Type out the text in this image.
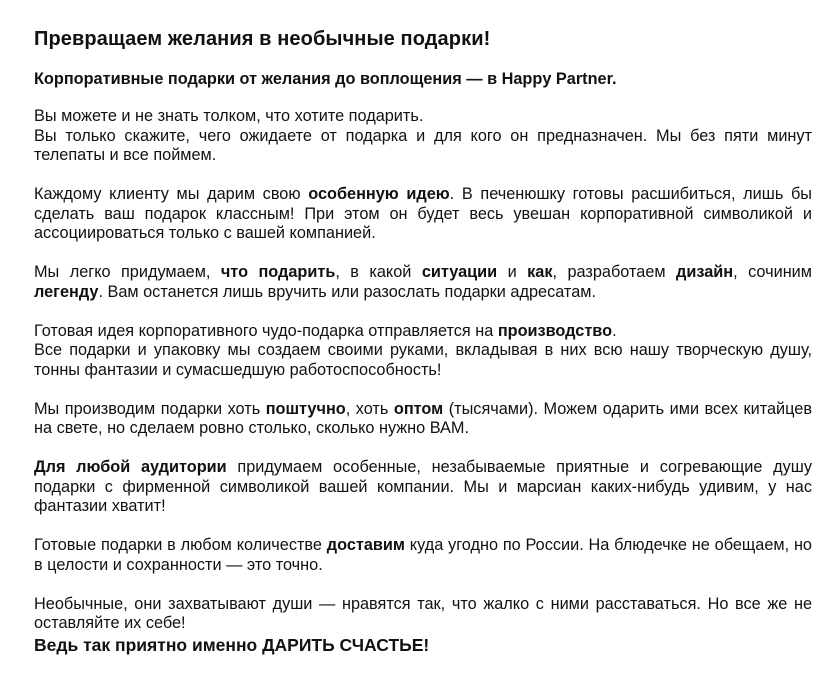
Превращаем желания в необычные подарки!
Корпоративные подарки от желания до воплощения — в Happy Partner.
Вы можете и не знать толком, что хотите подарить.
Вы только скажите, чего ожидаете от подарка и для кого он предназначен. Мы без пяти минут телепаты и все поймем.
Каждому клиенту мы дарим свою особенную идею. В печенюшку готовы расшибиться, лишь бы сделать ваш подарок классным! При этом он будет весь увешан корпоративной символикой и ассоциироваться только с вашей компанией.
Мы легко придумаем, что подарить, в какой ситуации и как, разработаем дизайн, сочиним легенду. Вам останется лишь вручить или разослать подарки адресатам.
Готовая идея корпоративного чудо-подарка отправляется на производство.
Все подарки и упаковку мы создаем своими руками, вкладывая в них всю нашу творческую душу, тонны фантазии и сумасшедшую работоспособность!
Мы производим подарки хоть поштучно, хоть оптом (тысячами). Можем одарить ими всех китайцев на свете, но сделаем ровно столько, сколько нужно ВАМ.
Для любой аудитории придумаем особенные, незабываемые приятные и согревающие душу подарки с фирменной символикой вашей компании. Мы и марсиан каких-нибудь удивим, у нас фантазии хватит!
Готовые подарки в любом количестве доставим куда угодно по России. На блюдечке не обещаем, но в целости и сохранности — это точно.
Необычные, они захватывают души — нравятся так, что жалко с ними расставаться. Но все же не оставляйте их себе!
Ведь так приятно именно ДАРИТЬ СЧАСТЬЕ!
